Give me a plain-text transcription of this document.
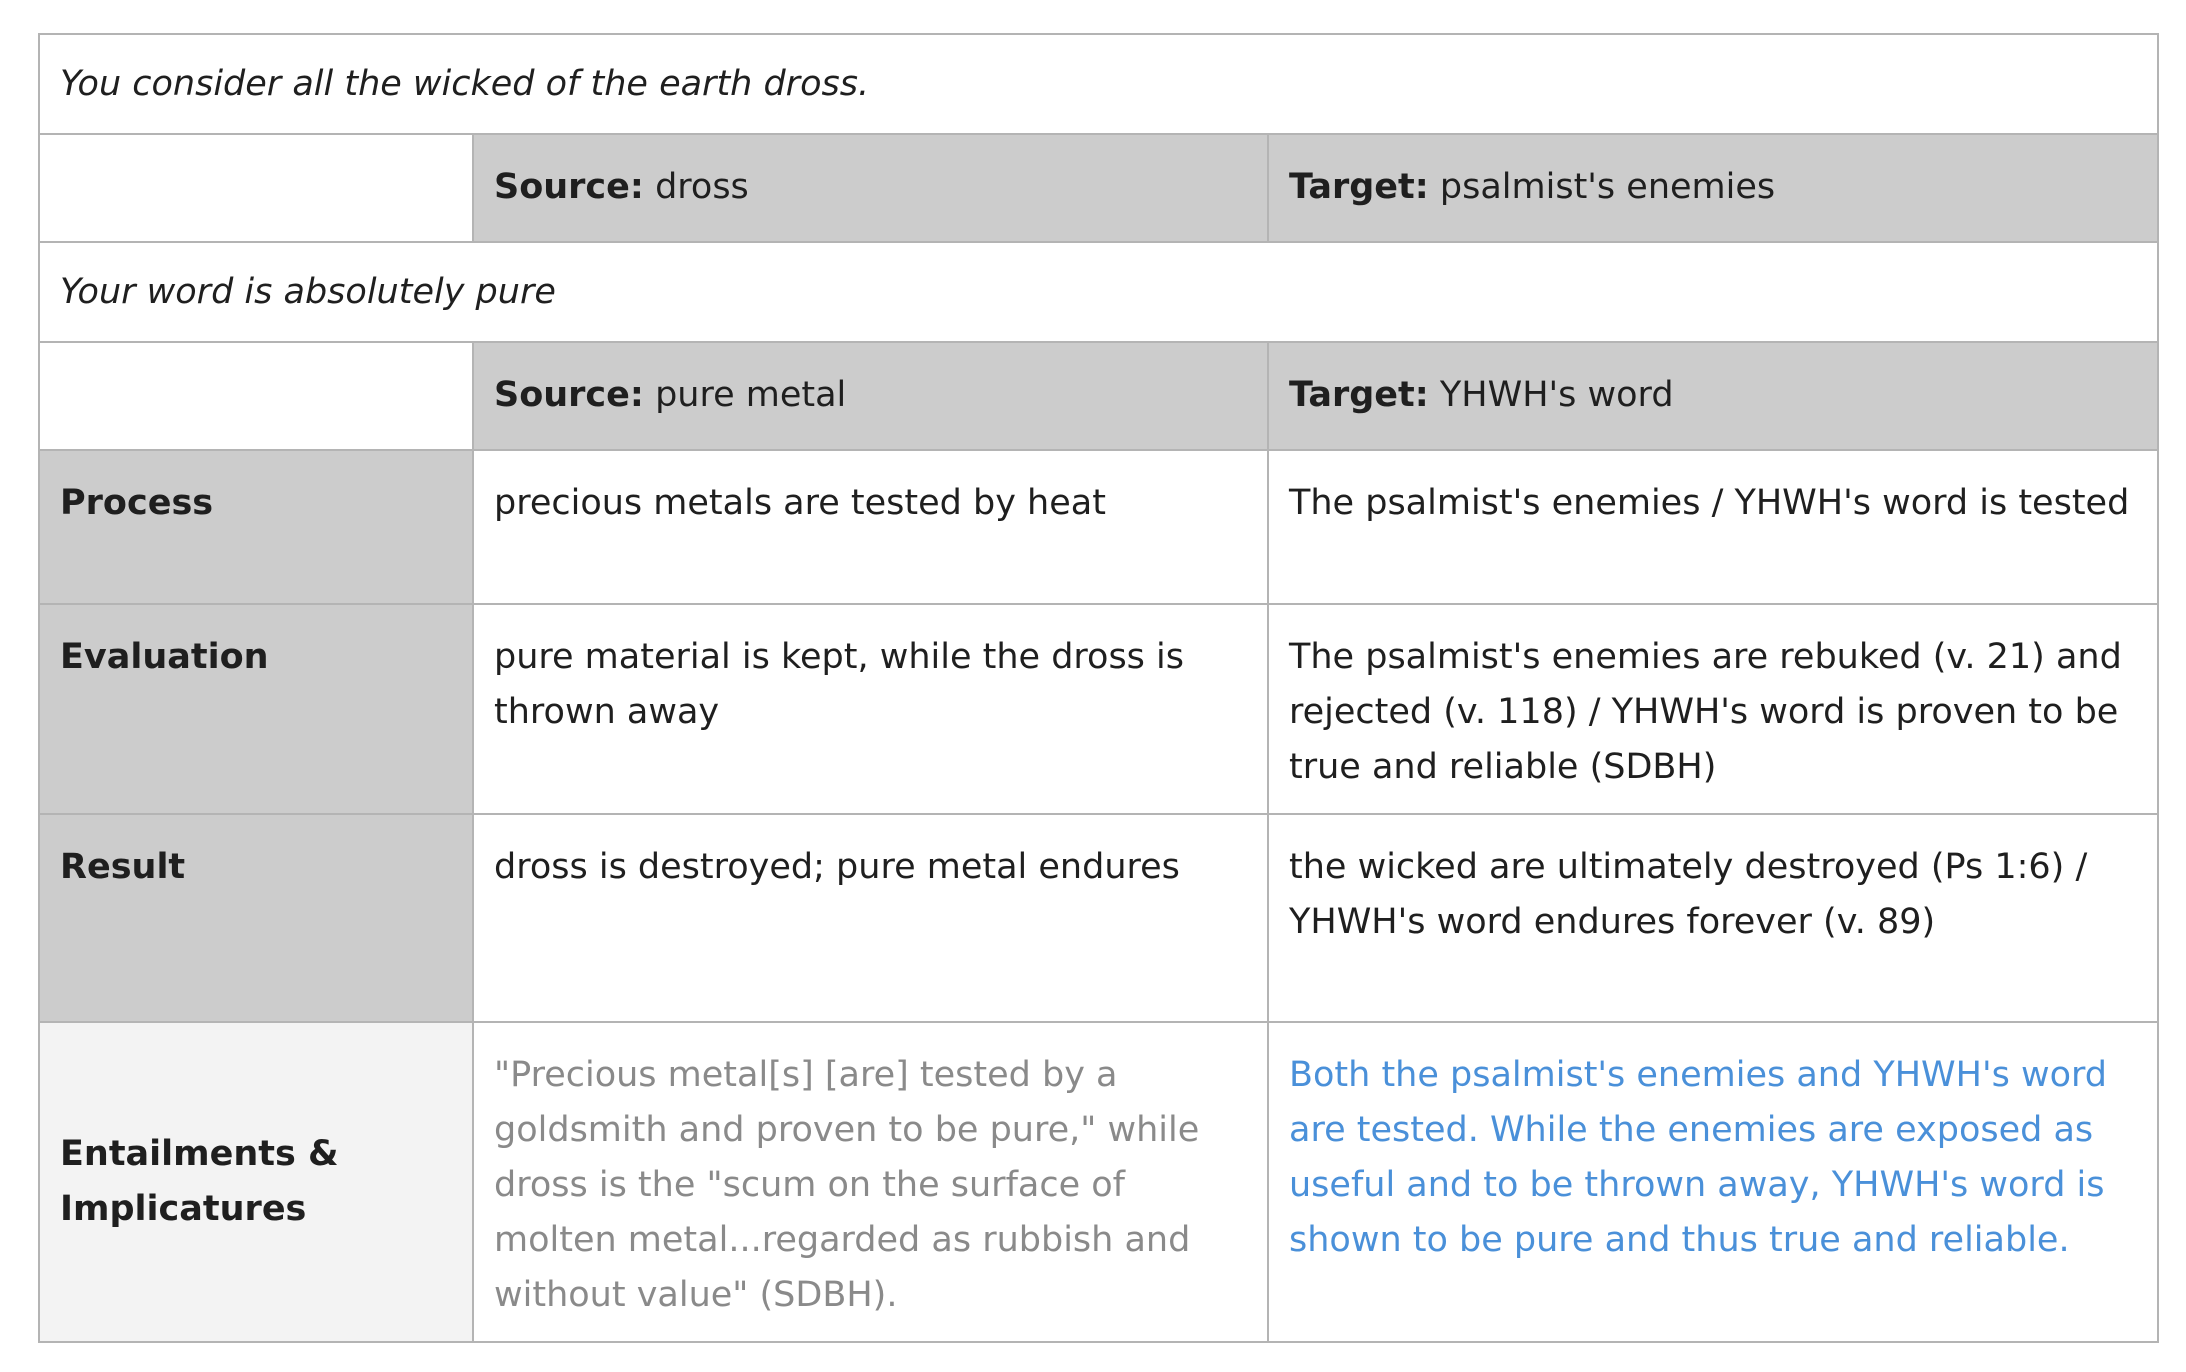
You consider all the wicked of the earth dross.		
	Source: dross	Target: psalmist's enemies
Your word is absolutely pure		
	Source: pure metal	Target: YHWH's word
Process	precious metals are tested by heat	The psalmist's enemies / YHWH's word is tested
Evaluation	pure material is kept, while the dross is thrown away	The psalmist's enemies are rebuked (v. 21) and rejected (v. 118) / YHWH's word is proven to be true and reliable (SDBH)
Result	dross is destroyed; pure metal endures	the wicked are ultimately destroyed (Ps 1:6) / YHWH's word endures forever (v. 89)
Entailments & Implicatures	"Precious metal[s] [are] tested by a goldsmith and proven to be pure," while dross is the "scum on the surface of molten metal...regarded as rubbish and without value" (SDBH).	Both the psalmist's enemies and YHWH's word are tested. While the enemies are exposed as useful and to be thrown away, YHWH's word is shown to be pure and thus true and reliable.
